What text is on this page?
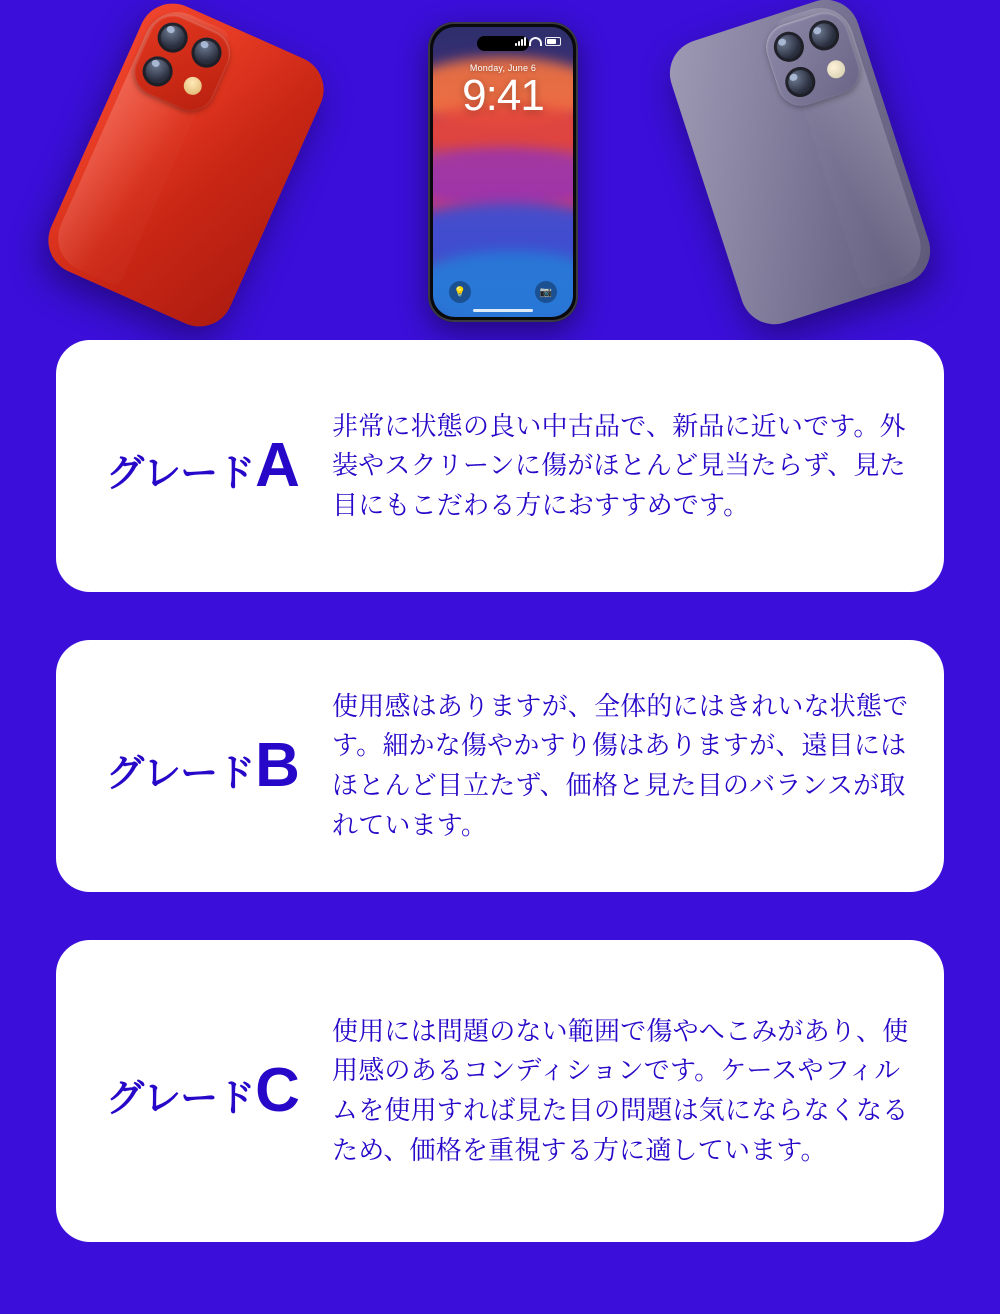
Monday, June 6
9:41
💡	📷
グレード A
非常に状態の良い中古品で、新品に近いです。外装やスクリーンに傷がほとんど見当たらず、見た目にもこだわる方におすすめです。
グレード B
使用感はありますが、全体的にはきれいな状態です。細かな傷やかすり傷はありますが、遠目にはほとんど目立たず、価格と見た目のバランスが取れています。
グレード C
使用には問題のない範囲で傷やへこみがあり、使用感のあるコンディションです。ケースやフィルムを使用すれば見た目の問題は気にならなくなるため、価格を重視する方に適しています。
